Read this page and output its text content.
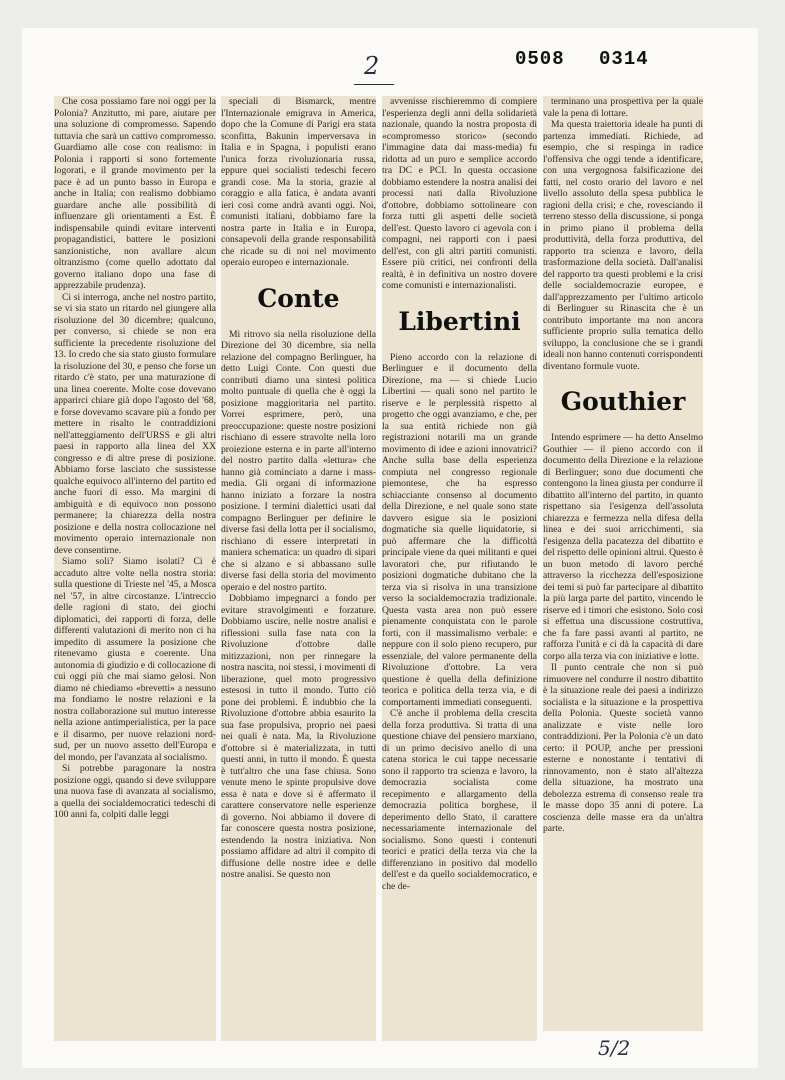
2	0508 0314

Che cosa possiamo fare noi oggi per la Polonia? Anzitutto, mi pare, aiutare per una soluzione di compromesso. Sapendo tuttavia che sarà un cattivo compromesso. Guardiamo alle cose con realismo: in Polonia i rapporti si sono fortemente logorati, e il grande movimento per la pace è ad un punto basso in Europa e anche in Italia; con realismo dobbiamo guardare anche alle possibilità di influenzare gli orientamenti a Est. È indispensabile quindi evitare interventi propagandistici, battere le posizioni sanzionistiche, non avallare alcun oltranzismo (come quello adottato dal governo italiano dopo una fase di apprezzabile prudenza).

Ci si interroga, anche nel nostro partito, se vi sia stato un ritardo nel giungere alla risoluzione del 30 dicembre; qualcuno, per converso, si chiede se non era sufficiente la precedente risoluzione del 13. Io credo che sia stato giusto formulare la risoluzione del 30, e penso che forse un ritardo c'è stato, per una maturazione di una linea coerente. Molte cose dovevano apparirci chiare già dopo l'agosto del '68, e forse dovevamo scavare più a fondo per mettere in risalto le contraddizioni nell'atteggiamento dell'URSS e gli altri paesi in rapporto alla linea del XX congresso e di altre prese di posizione. Abbiamo forse lasciato che sussistesse qualche equivoco all'interno del partito ed anche fuori di esso. Ma margini di ambiguità e di equivoco non possono permanere; la chiarezza della nostra posizione e della nostra collocazione nel movimento operaio internazionale non deve consentirne.

Siamo soli? Siamo isolati? Ci è accaduto altre volte nella nostra storia: sulla questione di Trieste nel '45, a Mosca nel '57, in altre circostanze. L'intreccio delle ragioni di stato, dei giochi diplomatici, dei rapporti di forza, delle differenti valutazioni di merito non ci ha impedito di assumere la posizione che ritenevamo giusta e coerente. Una autonomia di giudizio e di collocazione di cui oggi più che mai siamo gelosi. Non diamo né chiediamo «brevetti» a nessuno ma fondiamo le nostre relazioni e la nostra collaborazione sul mutuo interesse nella azione antimperialistica, per la pace e il disarmo, per nuove relazioni nord-sud, per un nuovo assetto dell'Europa e del mondo, per l'avanzata al socialismo.

Si potrebbe paragonare la nostra posizione oggi, quando si deve sviluppare una nuova fase di avanzata al socialismo, a quella dei socialdemocratici tedeschi di 100 anni fa, colpiti dalle leggi

speciali di Bismarck, mentre l'Internazionale emigrava in America, dopo che la Comune di Parigi era stata sconfitta, Bakunin imperversava in Italia e in Spagna, i populisti erano l'unica forza rivoluzionaria russa, eppure quei socialisti tedeschi fecero grandi cose. Ma la storia, grazie al coraggio e alla fatica, è andata avanti ieri così come andrà avanti oggi. Noi, comunisti italiani, dobbiamo fare la nostra parte in Italia e in Europa, consapevoli della grande responsabilità che ricade su di noi nel movimento operaio europeo e internazionale.

Conte

Mi ritrovo sia nella risoluzione della Direzione del 30 dicembre, sia nella relazione del compagno Berlinguer, ha detto Luigi Conte. Con questi due contributi diamo una sintesi politica molto puntuale di quella che è oggi la posizione maggioritaria nel partito. Vorrei esprimere, però, una preoccupazione: queste nostre posizioni rischiano di essere stravolte nella loro proiezione esterna e in parte all'interno del nostro partito dalla «lettura» che hanno già cominciato a darne i mass-media. Gli organi di informazione hanno iniziato a forzare la nostra posizione. I termini dialettici usati dal compagno Berlinguer per definire le diverse fasi della lotta per il socialismo, rischiano di essere interpretati in maniera schematica: un quadro di sipari che si alzano e si abbassano sulle diverse fasi della storia del movimento operaio e del nostro partito.

Dobbiamo impegnarci a fondo per evitare stravolgimenti e forzature. Dobbiamo uscire, nelle nostre analisi e riflessioni sulla fase nata con la Rivoluzione d'ottobre dalle mitizzazioni, non per rinnegare la nostra nascita, noi stessi, i movimenti di liberazione, quel moto progressivo estesosi in tutto il mondo. Tutto ciò pone dei problemi. È indubbio che la Rivoluzione d'ottobre abbia esaurito la sua fase propulsiva, proprio nei paesi nei quali è nata. Ma, la Rivoluzione d'ottobre si è materializzata, in tutti questi anni, in tutto il mondo. È questa è tutt'altro che una fase chiusa. Sono venute meno le spinte propulsive dove essa è nata e dove si è affermato il carattere conservatore nelle esperienze di governo. Noi abbiamo il dovere di far conoscere questa nostra posizione, estendendo la nostra iniziativa. Non possiamo affidare ad altri il compito di diffusione delle nostre idee e delle nostre analisi. Se questo non

avvenisse rischieremmo di compiere l'esperienza degli anni della solidarietà nazionale, quando la nostra proposta di «compromesso storico» (secondo l'immagine data dai mass-media) fu ridotta ad un puro e semplice accordo tra DC e PCI. In questa occasione dobbiamo estendere la nostra analisi dei processi nati dalla Rivoluzione d'ottobre, dobbiamo sottolineare con forza tutti gli aspetti delle società dell'est. Questo lavoro ci agevola con i compagni, nei rapporti con i paesi dell'est, con gli altri partiti comunisti. Essere più critici, nei confronti della realtà, è in definitiva un nostro dovere come comunisti e internazionalisti.

Libertini

Pieno accordo con la relazione di Berlinguer e il documento della Direzione, ma — si chiede Lucio Libertini — quali sono nel partito le riserve e le perplessità rispetto al progetto che oggi avanziamo, e che, per la sua entità richiede non già registrazioni notarili ma un grande movimento di idee e azioni innovatrici? Anche sulla base della esperienza compiuta nel congresso regionale piemontese, che ha espresso schiacciante consenso al documento della Direzione, e nel quale sono state davvero esigue sia le posizioni dogmatiche sia quelle liquidatorie, si può affermare che la difficoltà principale viene da quei militanti e quei lavoratori che, pur rifiutando le posizioni dogmatiche dubitano che la terza via si risolva in una transizione verso la socialdemocrazia tradizionale. Questa vasta area non può essere pienamente conquistata con le parole forti, con il massimalismo verbale: e neppure con il solo pieno recupero, pur essenziale, del valore permanente della Rivoluzione d'ottobre. La vera questione è quella della definizione teorica e politica della terza via, e di comportamenti immediati conseguenti.

C'è anche il problema della crescita della forza produttiva. Si tratta di una questione chiave del pensiero marxiano, di un primo decisivo anello di una catena storica le cui tappe necessarie sono il rapporto tra scienza e lavoro, la democrazia socialista come recepimento e allargamento della democrazia politica borghese, il deperimento dello Stato, il carattere necessariamente internazionale del socialismo. Sono questi i contenuti teorici e pratici della terza via che la differenziano in positivo dal modello dell'est e da quello socialdemocratico, e che de-

terminano una prospettiva per la quale vale la pena di lottare.

Ma questa traiettoria ideale ha punti di partenza immediati. Richiede, ad esempio, che si respinga in radice l'offensiva che oggi tende a identificare, con una vergognosa falsificazione dei fatti, nel costo orario del lavoro e nel livello assoluto della spesa pubblica le ragioni della crisi; e che, rovesciando il terreno stesso della discussione, si ponga in primo piano il problema della produttività, della forza produttiva, del rapporto tra scienza e lavoro, della trasformazione della società. Dall'analisi del rapporto tra questi problemi e la crisi delle socialdemocrazie europee, e dall'apprezzamento per l'ultimo articolo di Berlinguer su Rinascita che è un contributo importante ma non ancora sufficiente proprio sulla tematica dello sviluppo, la conclusione che se i grandi ideali non hanno contenuti corrispondenti diventano formule vuote.

Gouthier

Intendo esprimere — ha detto Anselmo Gouthier — il pieno accordo con il documento della Direzione e la relazione di Berlinguer; sono due documenti che contengono la linea giusta per condurre il dibattito all'interno del partito, in quanto rispettano sia l'esigenza dell'assoluta chiarezza e fermezza nella difesa della linea e dei suoi arricchimenti, sia l'esigenza della pacatezza del dibattito e del rispetto delle opinioni altrui. Questo è un buon metodo di lavoro perché attraverso la ricchezza dell'esposizione dei temi si può far partecipare al dibattito la più larga parte del partito, vincendo le riserve ed i timori che esistono. Solo così si effettua una discussione costruttiva, che fa fare passi avanti al partito, ne rafforza l'unità e ci dà la capacità di dare corpo alla terza via con iniziative e lotte.

Il punto centrale che non si può rimuovere nel condurre il nostro dibattito è la situazione reale dei paesi a indirizzo socialista e la situazione e la prospettiva della Polonia. Queste società vanno analizzate e viste nelle loro contraddizioni. Per la Polonia c'è un dato certo: il POUP, anche per pressioni esterne e nonostante i tentativi di rinnovamento, non è stato all'altezza della situazione, ha mostrato una debolezza estrema di consenso reale tra le masse dopo 35 anni di potere. La coscienza delle masse era da un'altra parte.

5/2
